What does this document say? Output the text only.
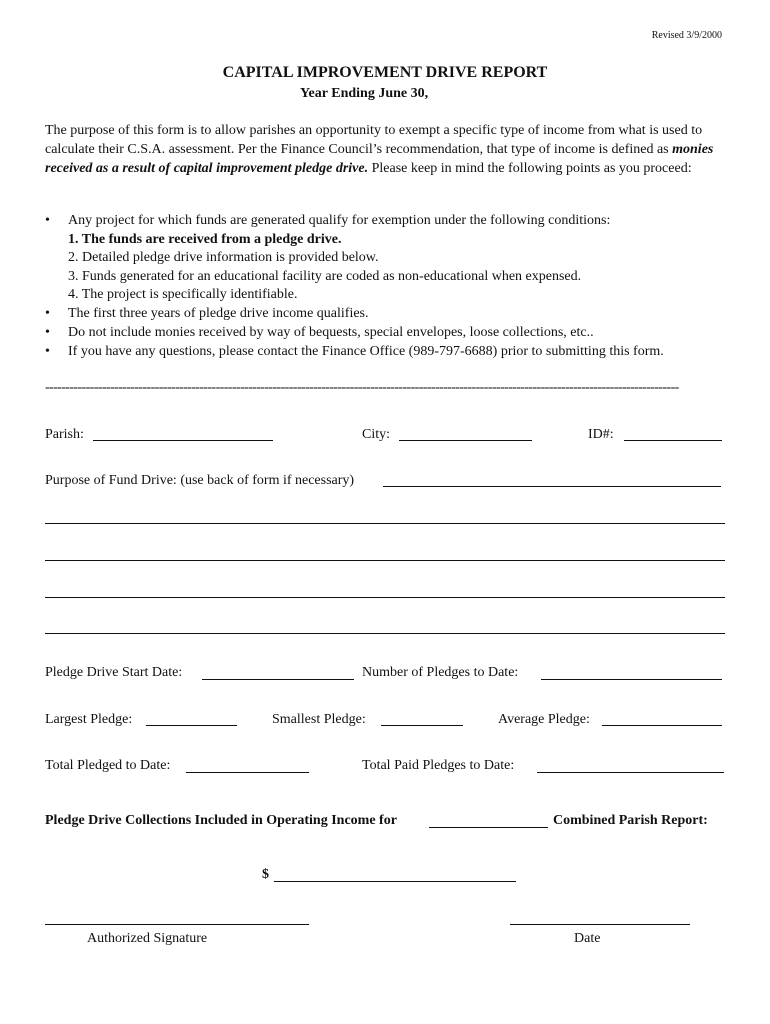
Revised 3/9/2000
CAPITAL IMPROVEMENT DRIVE REPORT
Year Ending June 30,
The purpose of this form is to allow parishes an opportunity to exempt a specific type of income from what is used to calculate their C.S.A. assessment. Per the Finance Council’s recommendation, that type of income is defined as monies received as a result of capital improvement pledge drive. Please keep in mind the following points as you proceed:
• Any project for which funds are generated qualify for exemption under the following conditions:
1. The funds are received from a pledge drive.
2. Detailed pledge drive information is provided below.
3. Funds generated for an educational facility are coded as non-educational when expensed.
4. The project is specifically identifiable.
• The first three years of pledge drive income qualifies.
• Do not include monies received by way of bequests, special envelopes, loose collections, etc..
• If you have any questions, please contact the Finance Office (989-797-6688) prior to submitting this form.
------------------------------------------------------------------------------------------------------------------------------------------------------------
Parish:	City:	ID#:
Purpose of Fund Drive: (use back of form if necessary)
Pledge Drive Start Date:	Number of Pledges to Date:
Largest Pledge:	Smallest Pledge:	Average Pledge:
Total Pledged to Date:	Total Paid Pledges to Date:
Pledge Drive Collections Included in Operating Income for	Combined Parish Report:
$
Authorized Signature	Date
